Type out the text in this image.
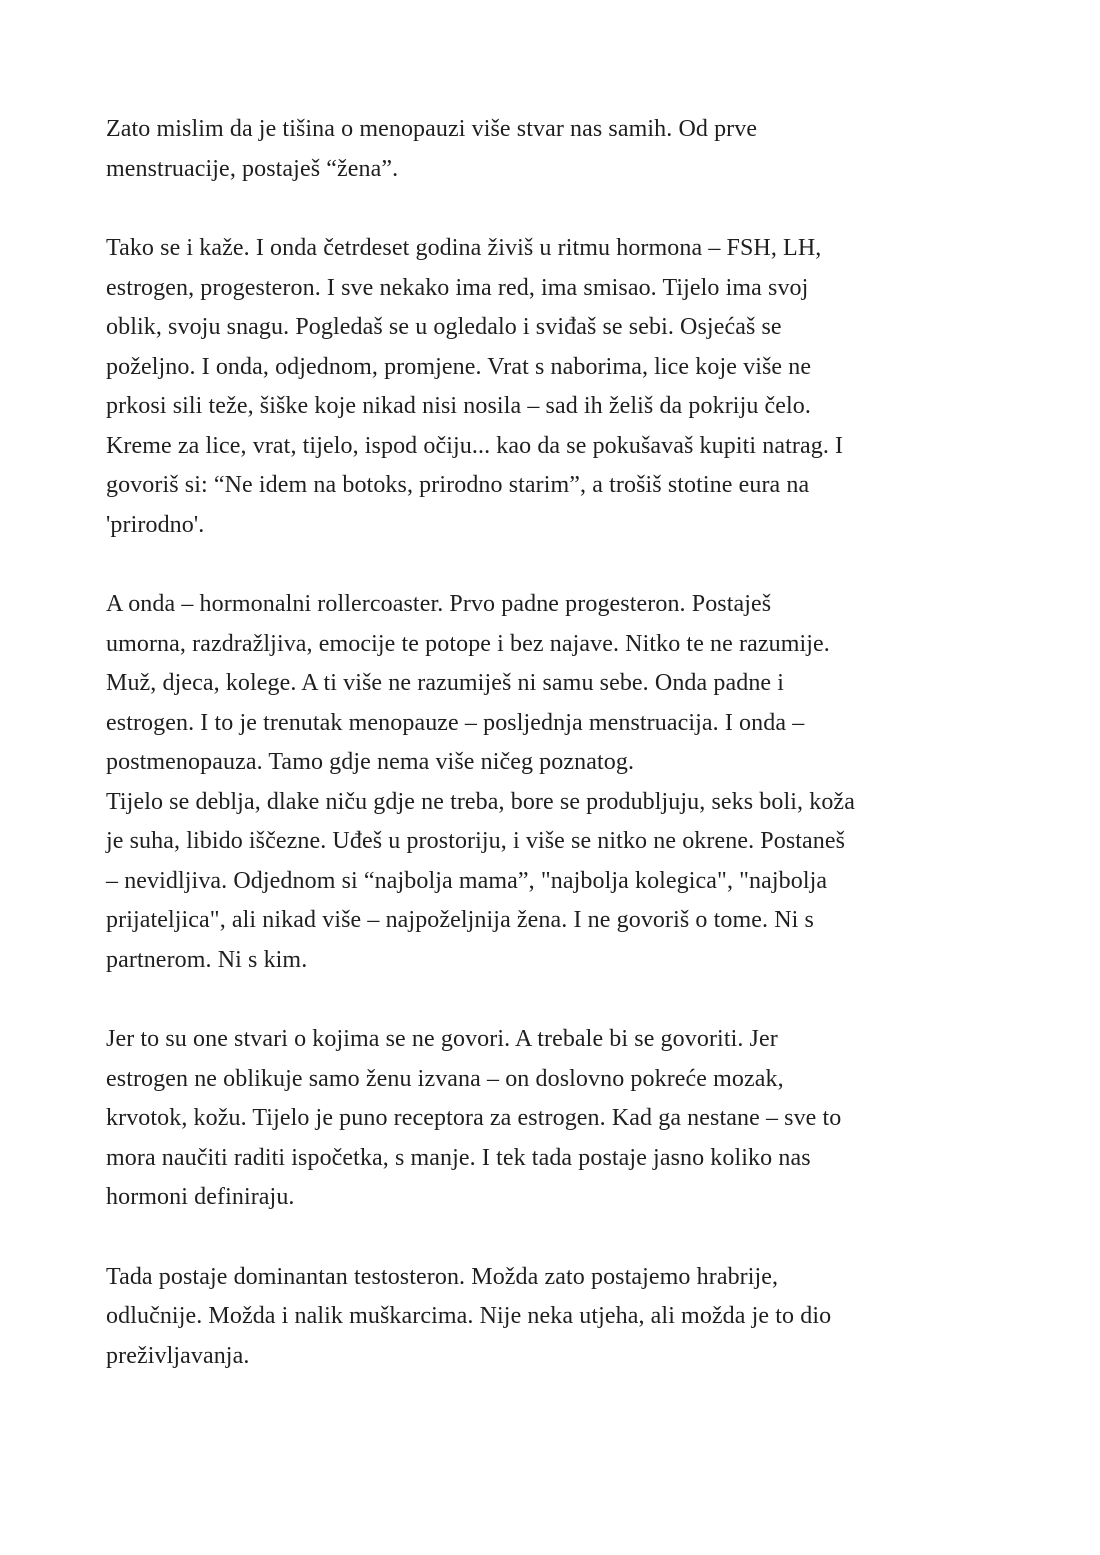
Zato mislim da je tišina o menopauzi više stvar nas samih. Od prve
menstruacije, postaješ “žena”.
Tako se i kaže. I onda četrdeset godina živiš u ritmu hormona – FSH, LH,
estrogen, progesteron. I sve nekako ima red, ima smisao. Tijelo ima svoj
oblik, svoju snagu. Pogledaš se u ogledalo i sviđaš se sebi. Osjećaš se
poželjno. I onda, odjednom, promjene. Vrat s naborima, lice koje više ne
prkosi sili teže, šiške koje nikad nisi nosila – sad ih želiš da pokriju čelo.
Kreme za lice, vrat, tijelo, ispod očiju... kao da se pokušavaš kupiti natrag. I
govoriš si: “Ne idem na botoks, prirodno starim”, a trošiš stotine eura na
'prirodno'.
A onda – hormonalni rollercoaster. Prvo padne progesteron. Postaješ
umorna, razdražljiva, emocije te potope i bez najave. Nitko te ne razumije.
Muž, djeca, kolege. A ti više ne razumiješ ni samu sebe. Onda padne i
estrogen. I to je trenutak menopauze – posljednja menstruacija. I onda –
postmenopauza. Tamo gdje nema više ničeg poznatog.
Tijelo se deblja, dlake niču gdje ne treba, bore se produbljuju, seks boli, koža
je suha, libido iščezne. Uđeš u prostoriju, i više se nitko ne okrene. Postaneš
– nevidljiva. Odjednom si “najbolja mama”, "najbolja kolegica", "najbolja
prijateljica", ali nikad više – najpoželjnija žena. I ne govoriš o tome. Ni s
partnerom. Ni s kim.
Jer to su one stvari o kojima se ne govori. A trebale bi se govoriti. Jer
estrogen ne oblikuje samo ženu izvana – on doslovno pokreće mozak,
krvotok, kožu. Tijelo je puno receptora za estrogen. Kad ga nestane – sve to
mora naučiti raditi ispočetka, s manje. I tek tada postaje jasno koliko nas
hormoni definiraju.
Tada postaje dominantan testosteron. Možda zato postajemo hrabrije,
odlučnije. Možda i nalik muškarcima. Nije neka utjeha, ali možda je to dio
preživljavanja.
